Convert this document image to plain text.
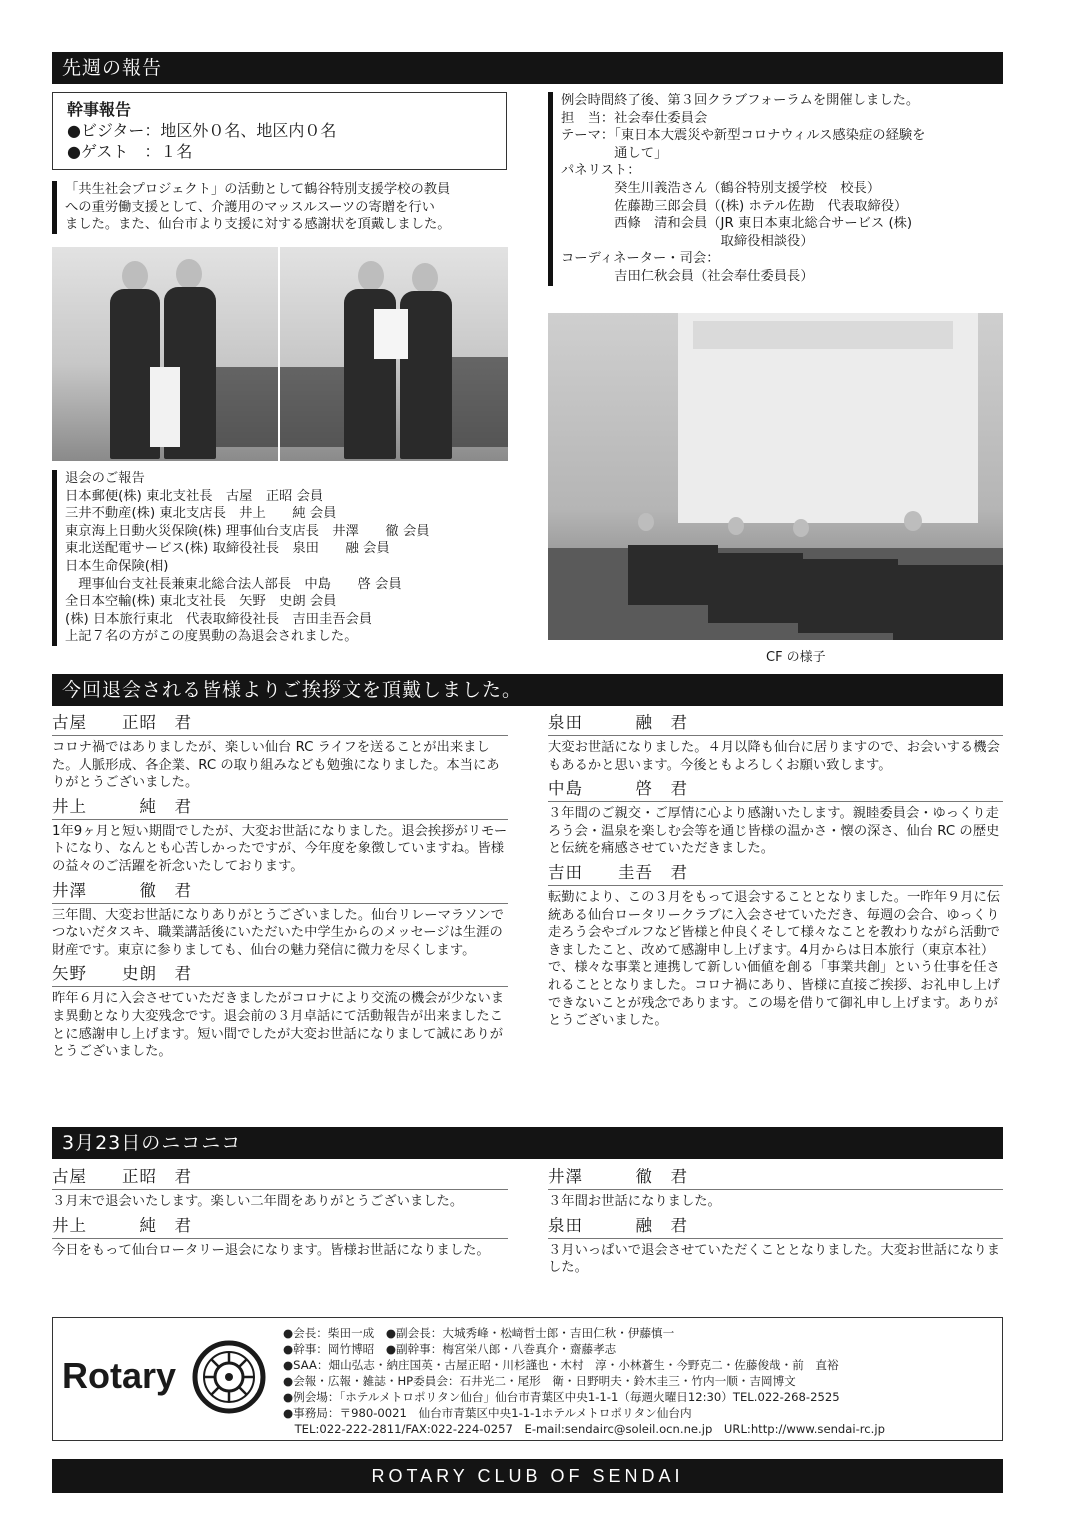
先週の報告
幹事報告
●ビジター：地区外０名、地区内０名
●ゲスト　：１名
「共生社会プロジェクト」の活動として鶴谷特別支援学校の教員
への重労働支援として、介護用のマッスルスーツの寄贈を行い
ました。また、仙台市より支援に対する感謝状を頂戴しました。
退会のご報告
日本郵便(株) 東北支社長　古屋　正昭 会員
三井不動産(株) 東北支店長　井上　　純 会員
東京海上日動火災保険(株) 理事仙台支店長　井澤　　徹 会員
東北送配電サービス(株) 取締役社長　泉田　　融 会員
日本生命保険(相)
　理事仙台支社長兼東北総合法人部長　中島　　啓 会員
全日本空輸(株) 東北支社長　矢野　史朗 会員
(株) 日本旅行東北　代表取締役社長　吉田圭吾会員
上記７名の方がこの度異動の為退会されました。
例会時間終了後、第３回クラブフォーラムを開催しました。
担　当：社会奉仕委員会
テーマ：「東日本大震災や新型コロナウィルス感染症の経験を
　　　　通して」
パネリスト：
　　　　癸生川義浩さん（鶴谷特別支援学校　校長）
　　　　佐藤勘三郎会員（(株) ホテル佐勘　代表取締役）
　　　　西條　清和会員（JR 東日本東北総合サービス (株)
　　　　　　　　　　　　取締役相談役）
コーディネーター・司会：
　　　　吉田仁秋会員（社会奉仕委員長）
CF の様子
今回退会される皆様よりご挨拶文を頂戴しました。
古屋　　正昭　君
コロナ禍ではありましたが、楽しい仙台 RC ライフを送ることが出来ました。人脈形成、各企業、RC の取り組みなども勉強になりました。本当にありがとうございました。
井上　　　純　君
1年9ヶ月と短い期間でしたが、大変お世話になりました。退会挨拶がリモートになり、なんとも心苦しかったですが、今年度を象徴していますね。皆様の益々のご活躍を祈念いたしております。
井澤　　　徹　君
三年間、大変お世話になりありがとうございました。仙台リレーマラソンでつないだタスキ、職業講話後にいただいた中学生からのメッセージは生涯の財産です。東京に参りましても、仙台の魅力発信に微力を尽くします。
矢野　　史朗　君
昨年６月に入会させていただきましたがコロナにより交流の機会が少ないまま異動となり大変残念です。退会前の３月卓話にて活動報告が出来ましたことに感謝申し上げます。短い間でしたが大変お世話になりまして誠にありがとうございました。
泉田　　　融　君
大変お世話になりました。４月以降も仙台に居りますので、お会いする機会もあるかと思います。今後ともよろしくお願い致します。
中島　　　啓　君
３年間のご親交・ご厚情に心より感謝いたします。親睦委員会・ゆっくり走ろう会・温泉を楽しむ会等を通じ皆様の温かさ・懐の深さ、仙台 RC の歴史と伝統を痛感させていただきました。
吉田　　圭吾　君
転勤により、この３月をもって退会することとなりました。一昨年９月に伝統ある仙台ロータリークラブに入会させていただき、毎週の会合、ゆっくり走ろう会やゴルフなど皆様と仲良くそして様々なことを教わりながら活動できましたこと、改めて感謝申し上げます。4月からは日本旅行（東京本社）で、様々な事業と連携して新しい価値を創る「事業共創」という仕事を任されることとなりました。コロナ禍にあり、皆様に直接ご挨拶、お礼申し上げできないことが残念であります。この場を借りて御礼申し上げます。ありがとうございました。
3月23日のニコニコ
古屋　　正昭　君
３月末で退会いたします。楽しい二年間をありがとうございました。
井上　　　純　君
今日をもって仙台ロータリー退会になります。皆様お世話になりました。
井澤　　　徹　君
３年間お世話になりました。
泉田　　　融　君
３月いっぱいで退会させていただくこととなりました。大変お世話になりました。
Rotary
●会長：柴田一成　●副会長：大城秀峰・松﨑哲士郎・吉田仁秋・伊藤慎一
●幹事：岡竹博昭　●副幹事：梅宮栄八郎・八巻真介・齋藤孝志
●SAA：畑山弘志・納庄国英・古屋正昭・川杉謹也・木村　淳・小林蒼生・今野克二・佐藤俊哉・前　直裕
●会報・広報・雑誌・HP委員会：石井光二・尾形　衛・日野明夫・鈴木圭三・竹内一顺・吉岡博文
●例会場：「ホテルメトロポリタン仙台」仙台市青葉区中央1-1-1（毎週火曜日12:30）TEL.022-268-2525
●事務局：〒980-0021　仙台市青葉区中央1-1-1ホテルメトロポリタン仙台内
　TEL:022-222-2811/FAX:022-224-0257　E-mail:sendairc@soleil.ocn.ne.jp　URL:http://www.sendai-rc.jp
ROTARY CLUB OF SENDAI
